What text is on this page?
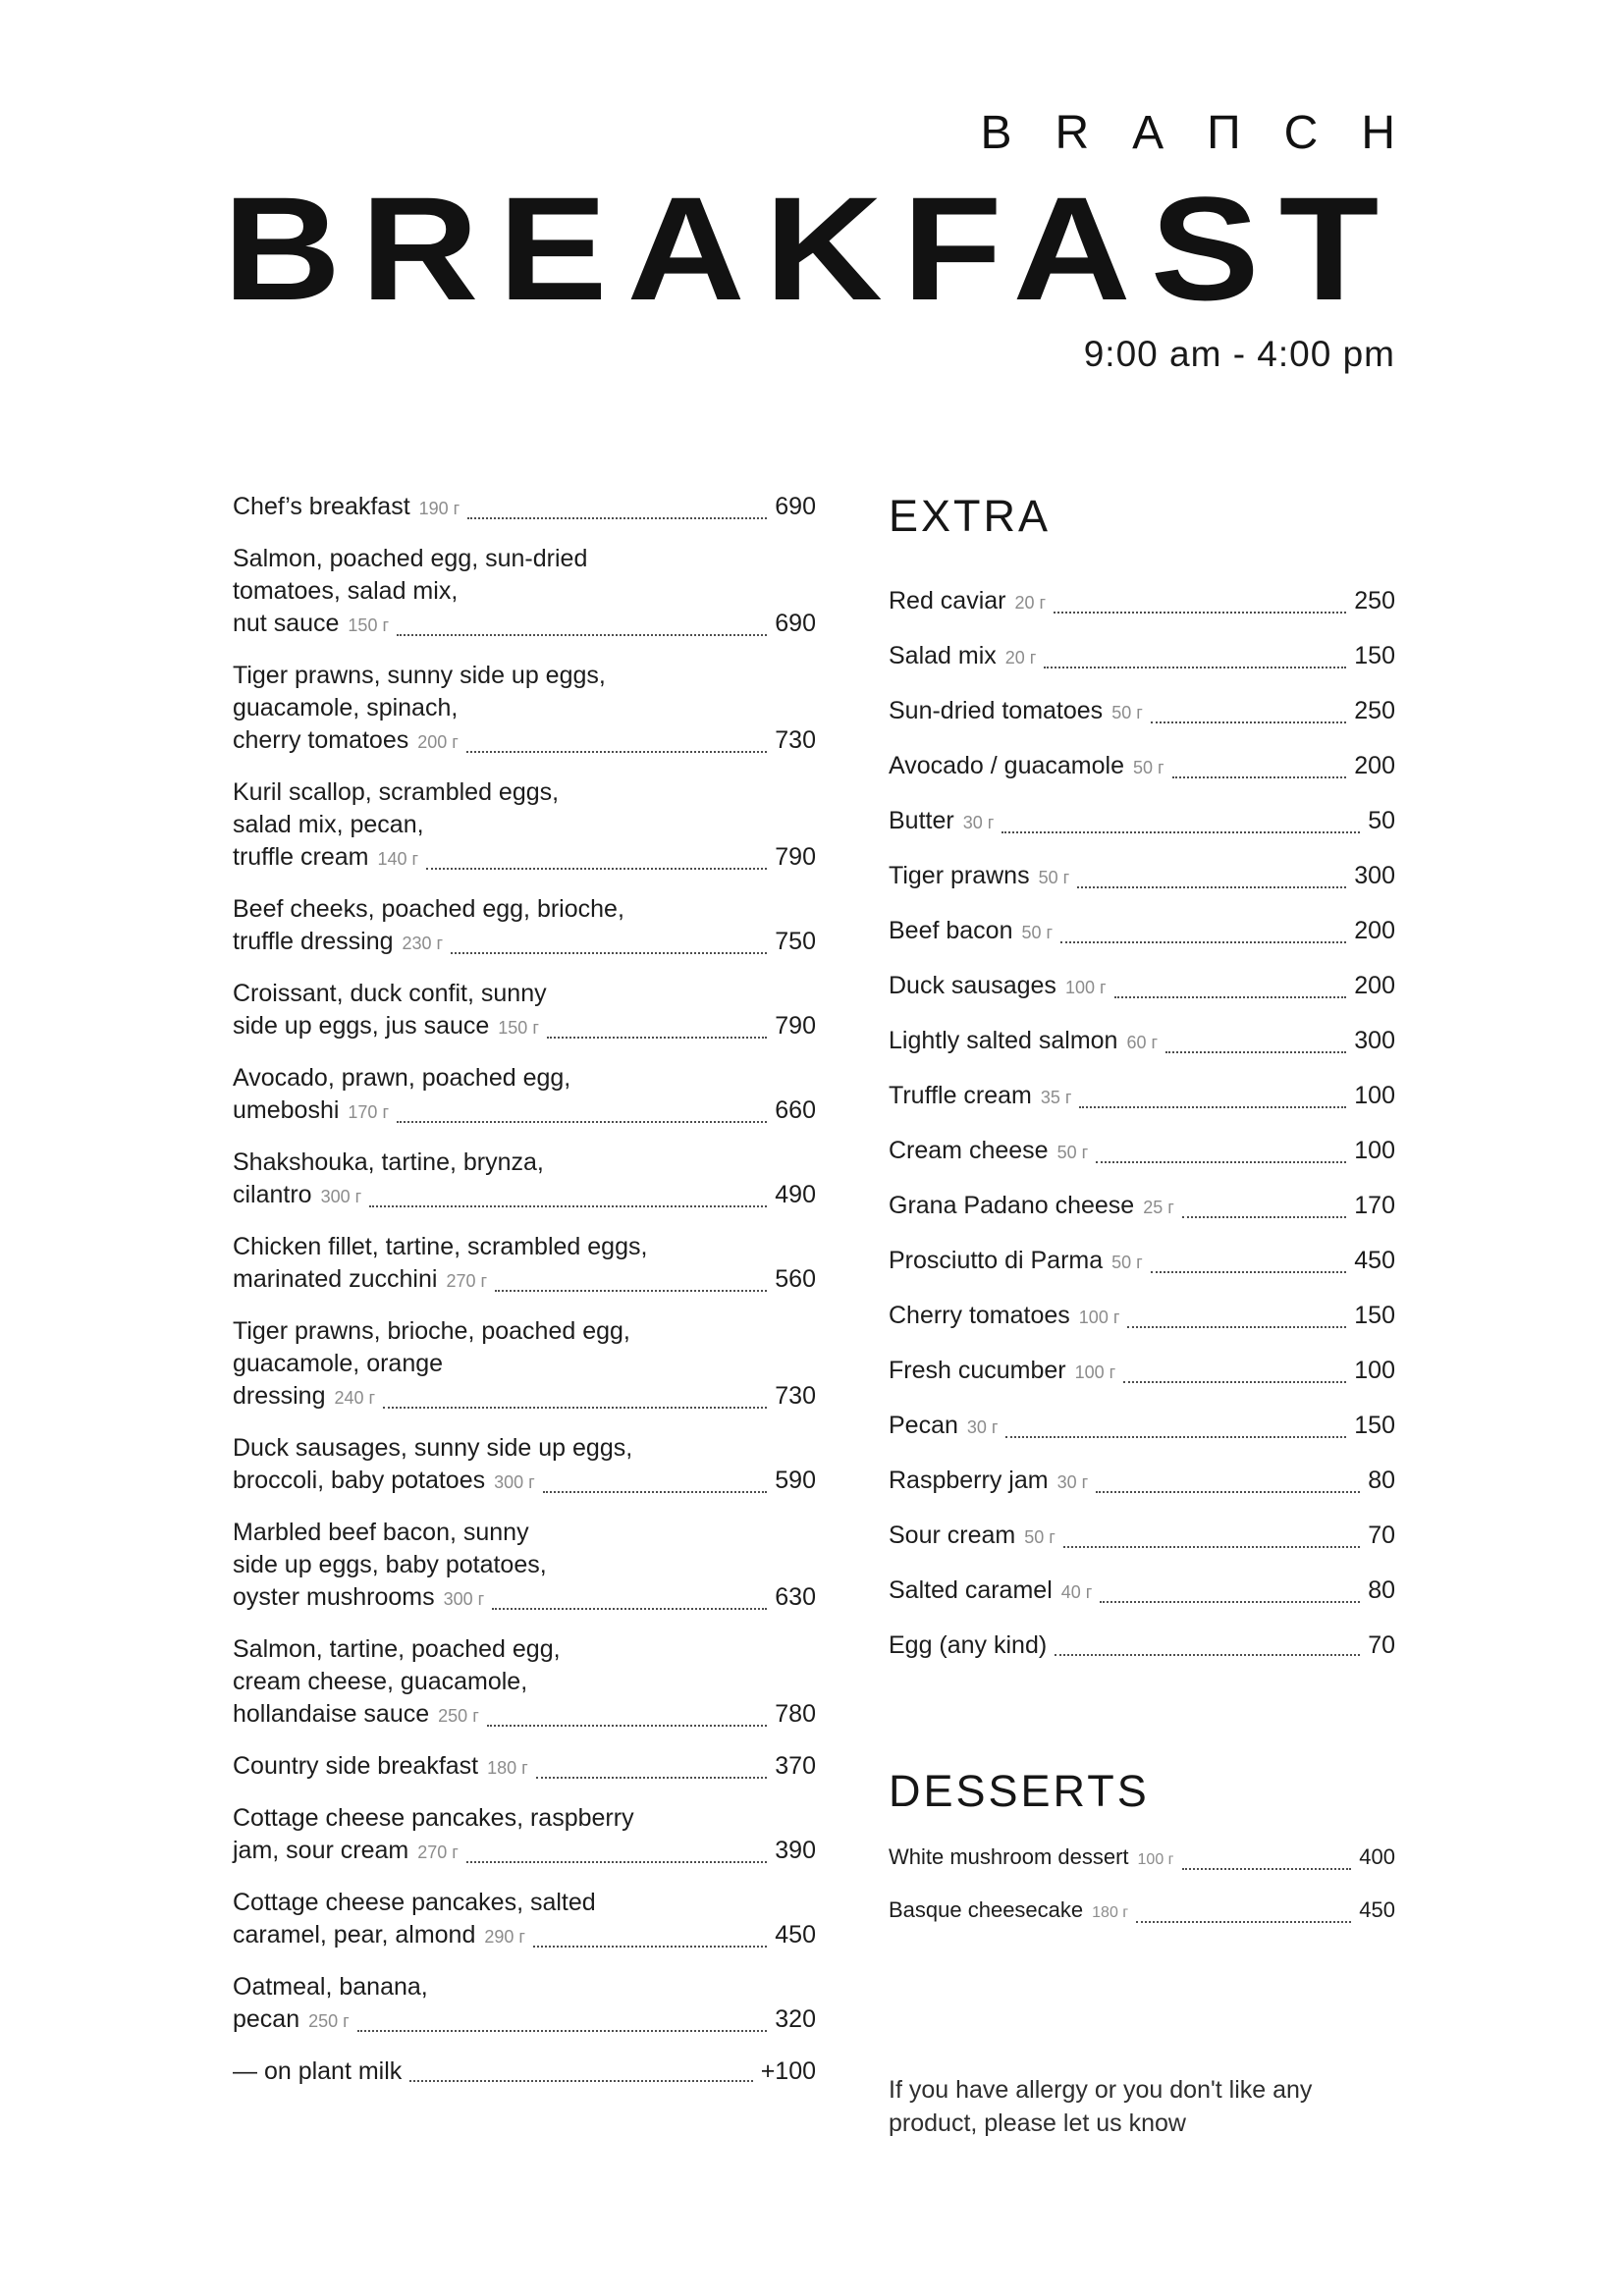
BRAПCH
BREAKFAST
9:00 am - 4:00 pm
Chef’s breakfast 190 г	690
Salmon, poached egg, sun-dried
tomatoes, salad mix,
nut sauce 150 г	690
Tiger prawns, sunny side up eggs,
guacamole, spinach,
cherry tomatoes 200 г	730
Kuril scallop, scrambled eggs,
salad mix, pecan,
truffle cream 140 г	790
Beef cheeks, poached egg, brioche,
truffle dressing 230 г	750
Croissant, duck confit, sunny
side up eggs, jus sauce 150 г	790
Avocado, prawn, poached egg,
umeboshi 170 г	660
Shakshouka, tartine, brynza,
cilantro 300 г	490
Chicken fillet, tartine, scrambled eggs,
marinated zucchini 270 г	560
Tiger prawns, brioche, poached egg,
guacamole, orange
dressing 240 г	730
Duck sausages, sunny side up eggs,
broccoli, baby potatoes 300 г	590
Marbled beef bacon, sunny
side up eggs, baby potatoes,
oyster mushrooms 300 г	630
Salmon, tartine, poached egg,
cream cheese, guacamole,
hollandaise sauce 250 г	780
Country side breakfast 180 г	370
Cottage cheese pancakes, raspberry
jam, sour cream 270 г	390
Cottage cheese pancakes, salted
caramel, pear, almond 290 г	450
Oatmeal, banana,
pecan 250 г	320
— on plant milk	+100
EXTRA
Red caviar 20 г	250
Salad mix 20 г	150
Sun-dried tomatoes 50 г	250
Avocado / guacamole 50 г	200
Butter 30 г	50
Tiger prawns 50 г	300
Beef bacon 50 г	200
Duck sausages 100 г	200
Lightly salted salmon 60 г	300
Truffle cream 35 г	100
Cream cheese 50 г	100
Grana Padano cheese 25 г	170
Prosciutto di Parma 50 г	450
Cherry tomatoes 100 г	150
Fresh cucumber 100 г	100
Pecan 30 г	150
Raspberry jam 30 г	80
Sour cream 50 г	70
Salted caramel 40 г	80
Egg (any kind)	70
DESSERTS
White mushroom dessert 100 г	400
Basque cheesecake 180 г	450

If you have allergy or you don't like any product, please let us know
